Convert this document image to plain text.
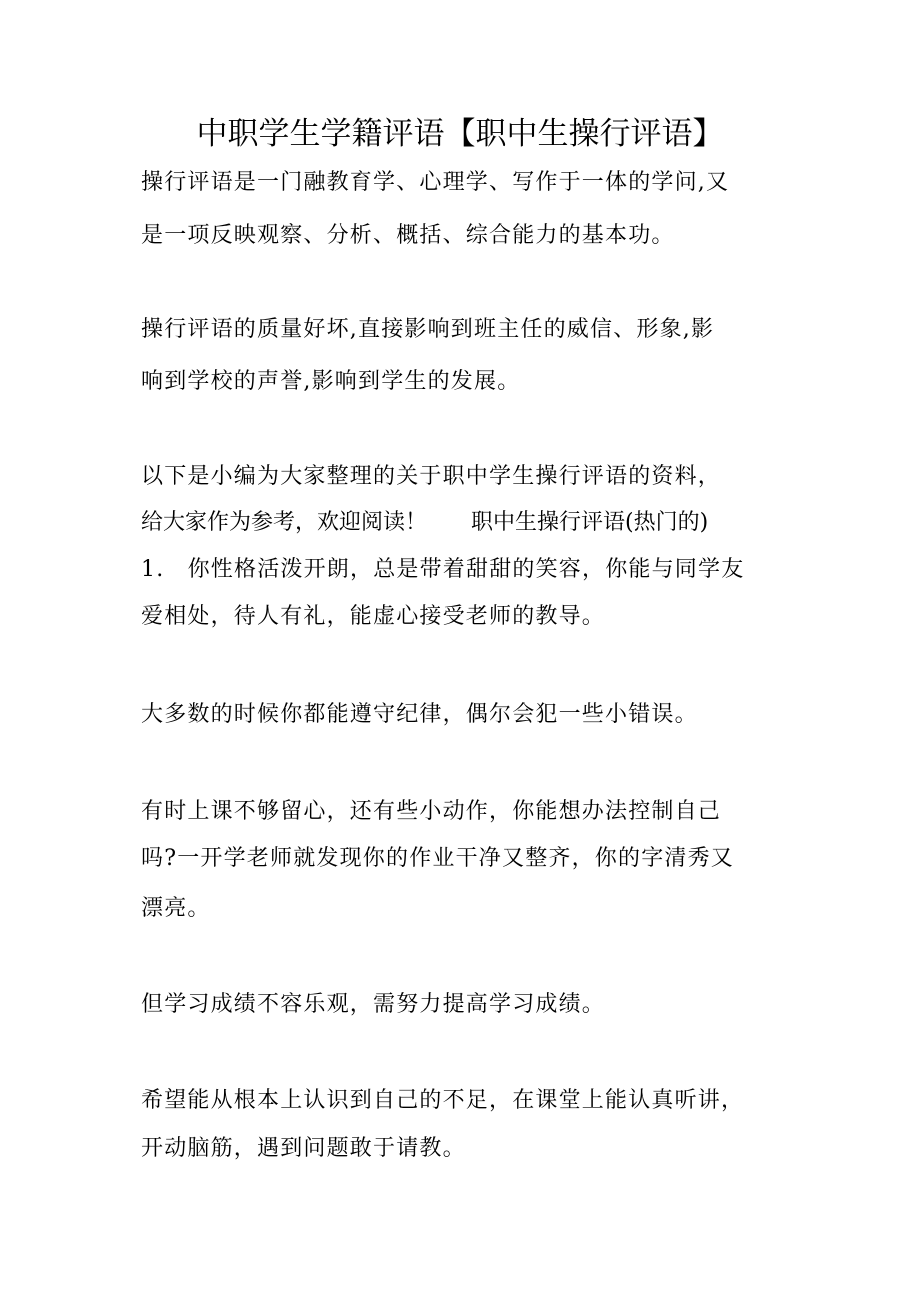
中职学生学籍评语【职中生操行评语】
操行评语是一门融教育学、心理学、写作于一体的学问,又
是一项反映观察、分析、概括、综合能力的基本功。
操行评语的质量好坏,直接影响到班主任的威信、形象,影
响到学校的声誉,影响到学生的发展。
以下是小编为大家整理的关于职中学生操行评语的资料，
给大家作为参考，欢迎阅读！　　职中生操行评语(热门的)
1.　你性格活泼开朗，总是带着甜甜的笑容，你能与同学友
爱相处，待人有礼，能虚心接受老师的教导。
大多数的时候你都能遵守纪律，偶尔会犯一些小错误。
有时上课不够留心，还有些小动作，你能想办法控制自己
吗?一开学老师就发现你的作业干净又整齐，你的字清秀又
漂亮。
但学习成绩不容乐观，需努力提高学习成绩。
希望能从根本上认识到自己的不足，在课堂上能认真听讲，
开动脑筋，遇到问题敢于请教。
